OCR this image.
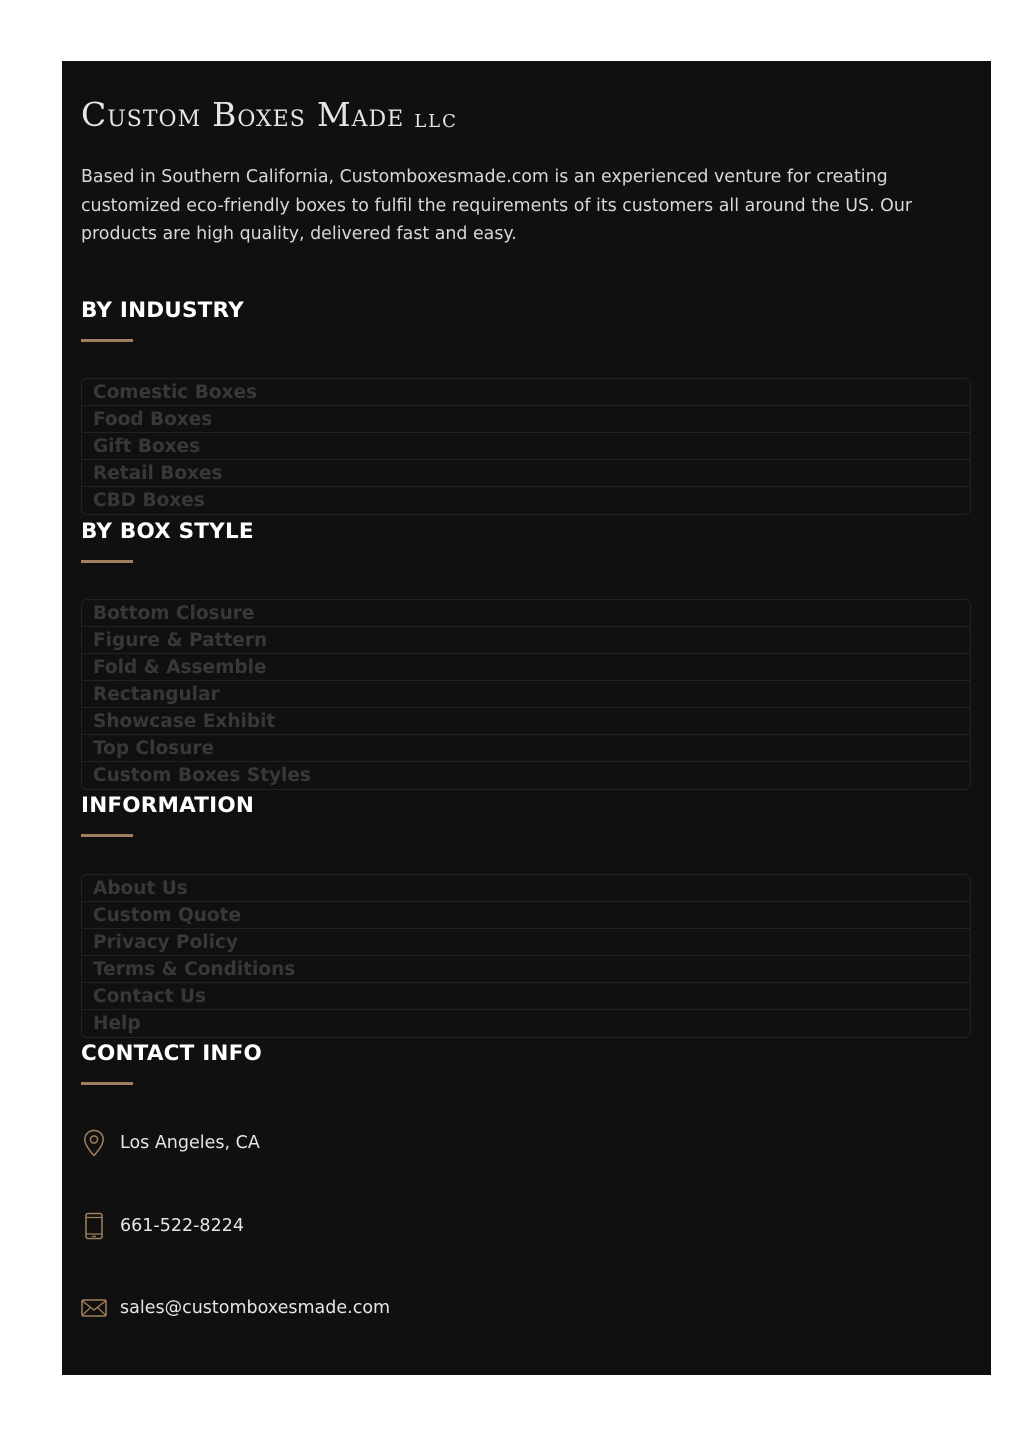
C USTOM B OXES M ADE LLC

Based in Southern California, Customboxesmade.com is an experienced venture for creating customized eco-friendly boxes to fulfil the requirements of its customers all around the US. Our products are high quality, delivered fast and easy.

BY INDUSTRY
Comestic Boxes
Food Boxes
Gift Boxes
Retail Boxes
CBD Boxes
BY BOX STYLE
Bottom Closure
Figure & Pattern
Fold & Assemble
Rectangular
Showcase Exhibit
Top Closure
Custom Boxes Styles
INFORMATION
About Us
Custom Quote
Privacy Policy
Terms & Conditions
Contact Us
Help
CONTACT INFO
Los Angeles, CA
661-522-8224
sales@customboxesmade.com
